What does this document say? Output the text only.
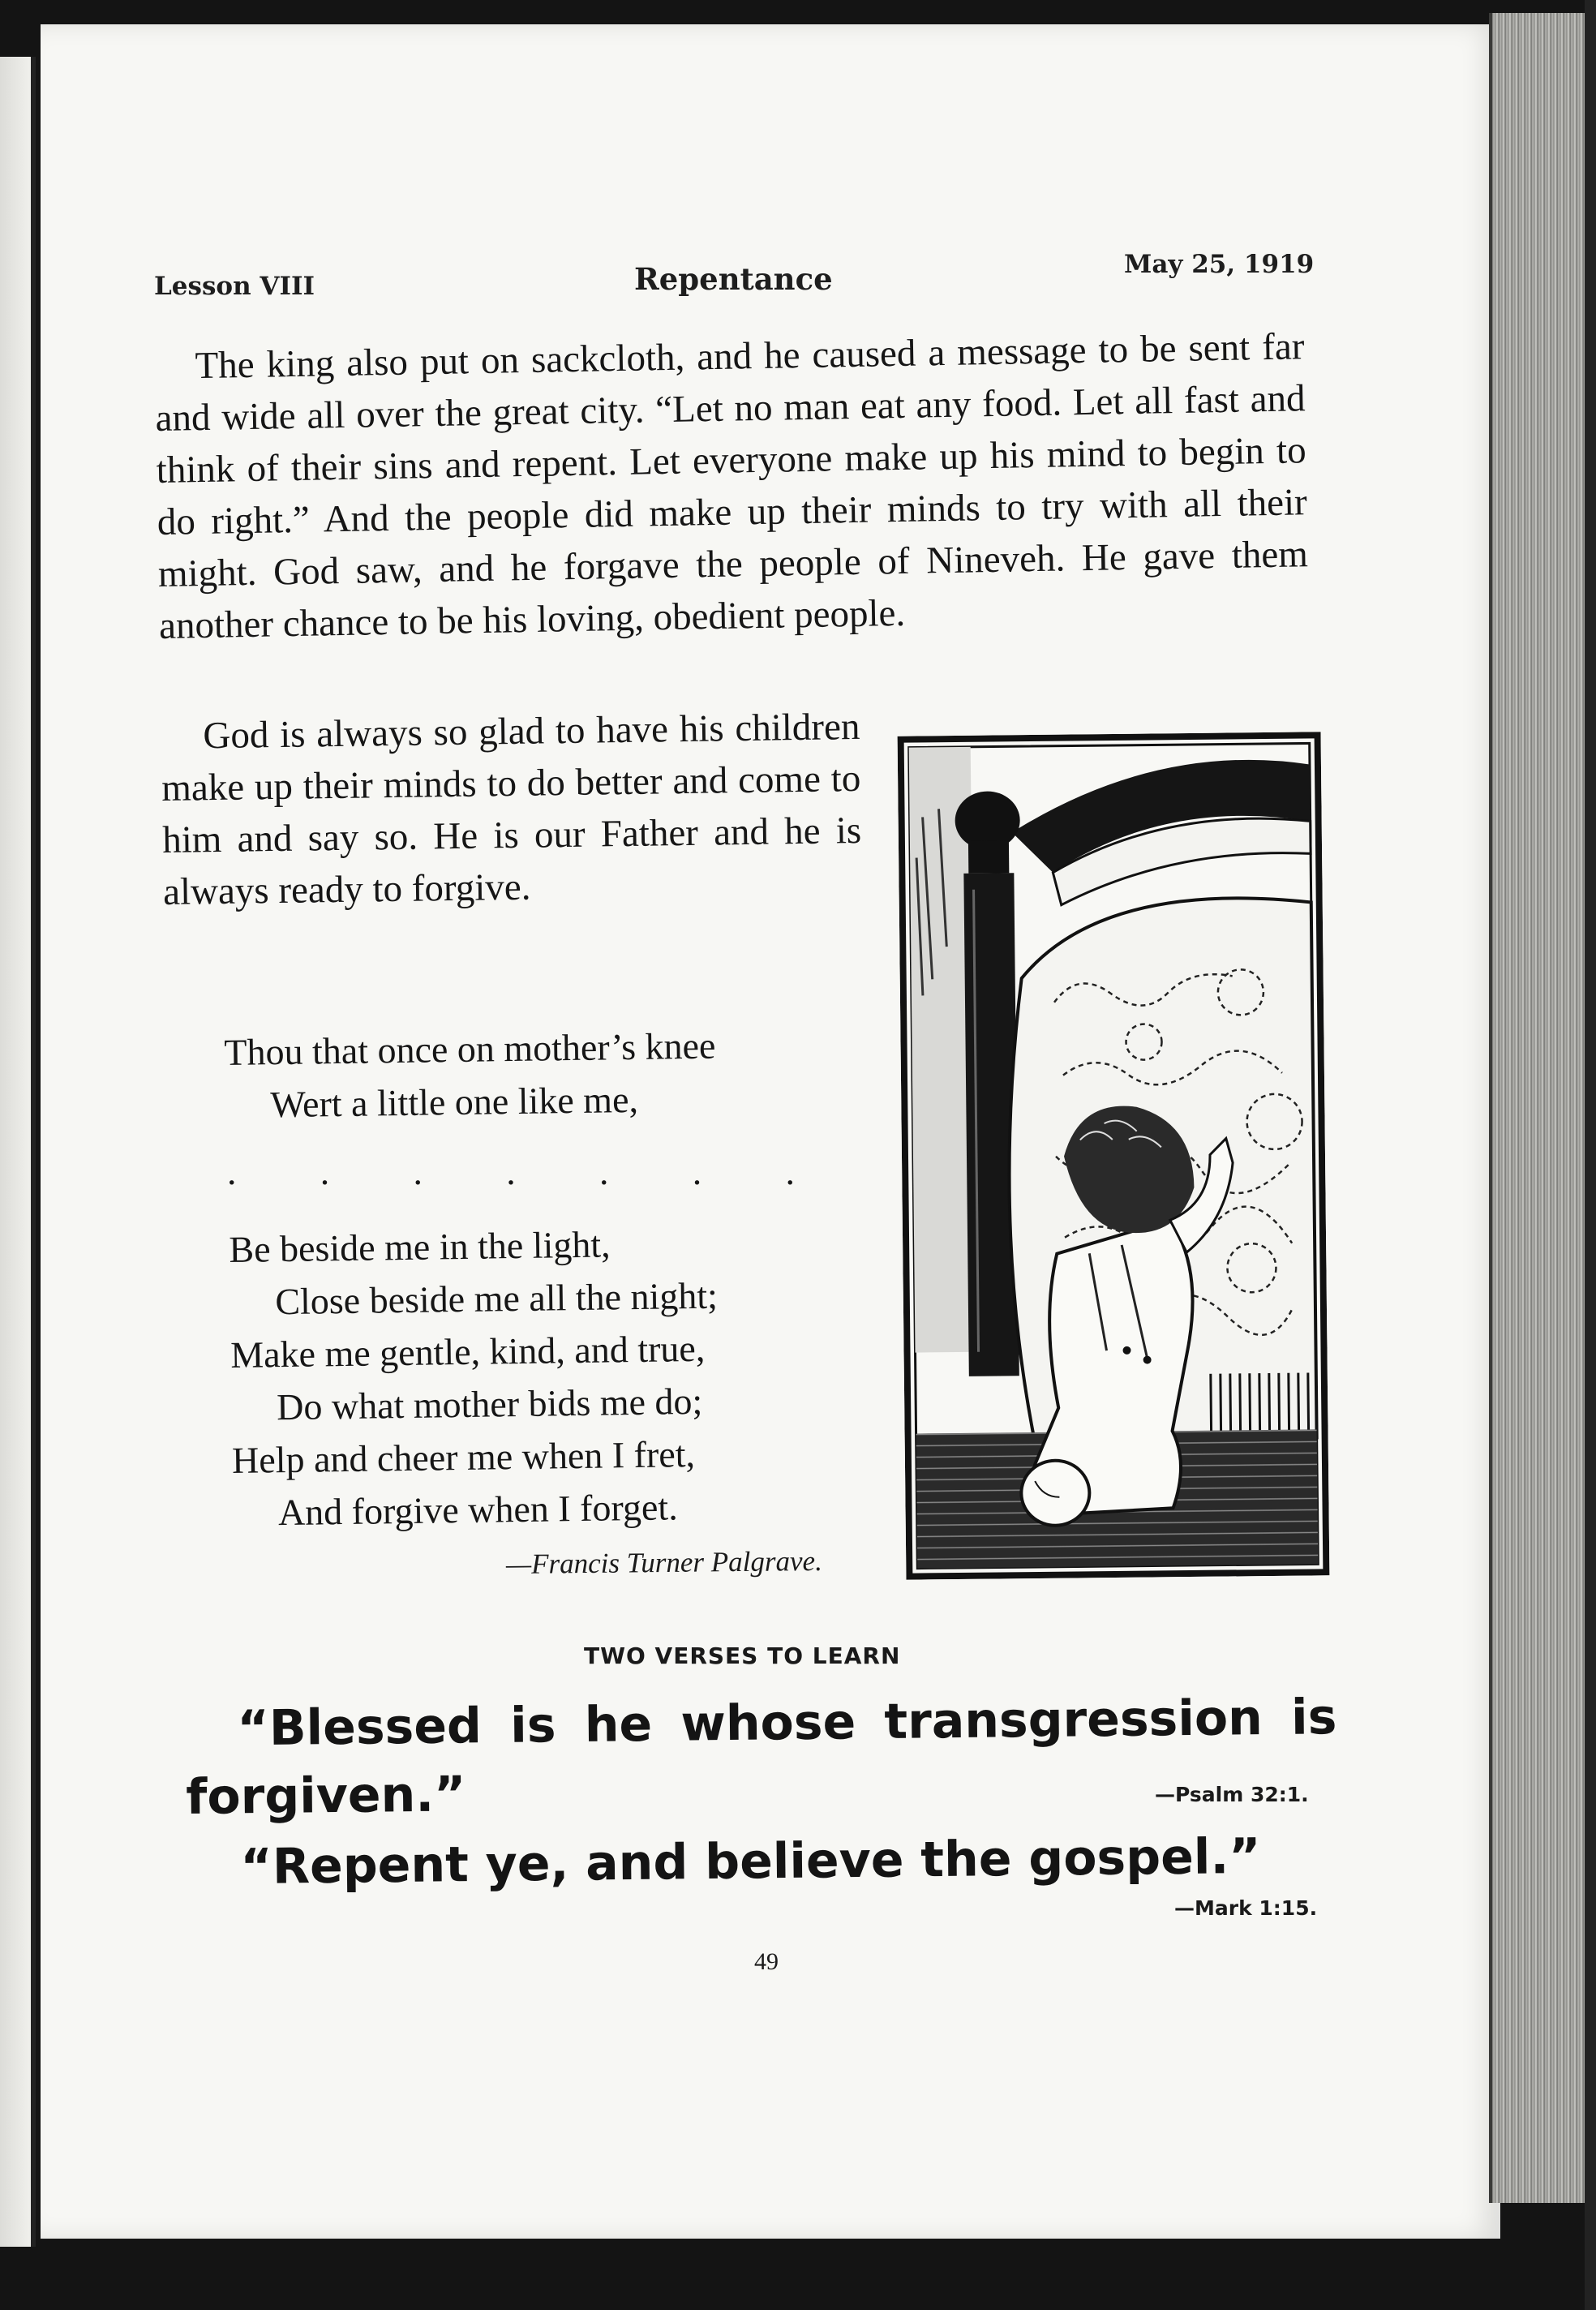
Lesson VIII	Repentance	May 25, 1919

The king also put on sackcloth, and he caused a message to be sent far and wide all over the great city. “Let no man eat any food. Let all fast and think of their sins and repent. Let everyone make up his mind to begin to do right.” And the people did make up their minds to try with all their might. God saw, and he forgave the people of Nineveh. He gave them another chance to be his loving, obedient people.

God is always so glad to have his children make up their minds to do better and come to him and say so. He is our Father and he is always ready to forgive.

Thou that once on mother’s knee
Wert a little one like me,
. . . . . . .
Be beside me in the light,
Close beside me all the night;
Make me gentle, kind, and true,
Do what mother bids me do;
Help and cheer me when I fret,
And forgive when I forget.
—Francis Turner Palgrave.
TWO VERSES TO LEARN

“Blessed is he whose transgression is forgiven.”	—Psalm 32:1.

“Repent ye, and believe the gospel.”

—Mark 1:15.
49
